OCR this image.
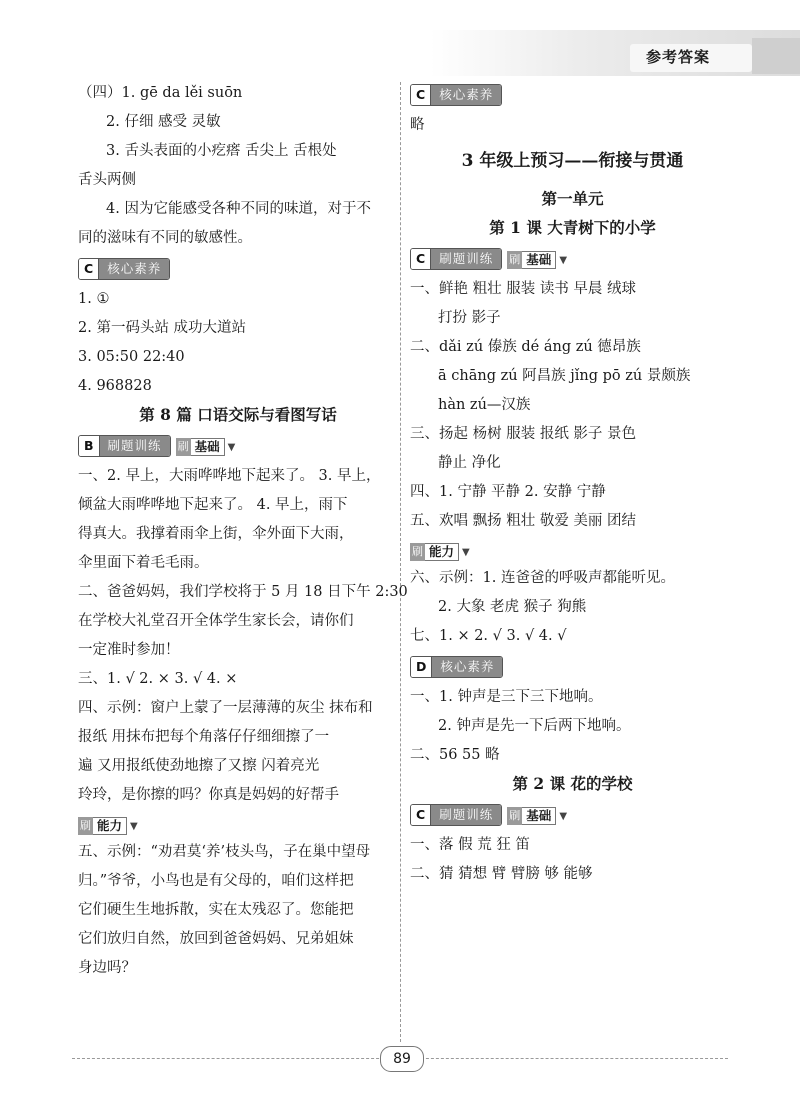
参考答案

（四）1. gē da lěi suōn

2. 仔细 感受 灵敏

3. 舌头表面的小疙瘩 舌尖上 舌根处

舌头两侧

4. 因为它能感受各种不同的味道，对于不

同的滋味有不同的敏感性。

C	核心素养

1. ①

2. 第一码头站 成功大道站

3. 05:50 22:40

4. 968828

第 8 篇 口语交际与看图写话

B	刷题训练
	刷 基础 ▼

一、2. 早上，大雨哗哗地下起来了。 3. 早上，

倾盆大雨哗哗地下起来了。 4. 早上，雨下

得真大。我撑着雨伞上街，伞外面下大雨，

伞里面下着毛毛雨。

二、爸爸妈妈，我们学校将于 5 月 18 日下午 2:30

在学校大礼堂召开全体学生家长会，请你们

一定准时参加！

三、1. √ 2. × 3. √ 4. ×

四、示例：窗户上蒙了一层薄薄的灰尘 抹布和

报纸 用抹布把每个角落仔仔细细擦了一

遍 又用报纸使劲地擦了又擦 闪着亮光

玲玲，是你擦的吗？你真是妈妈的好帮手

刷 能力 ▼

五、示例：“劝君莫‘养’枝头鸟，子在巢中望母

归。”爷爷，小鸟也是有父母的，咱们这样把

它们硬生生地拆散，实在太残忍了。您能把

它们放归自然，放回到爸爸妈妈、兄弟姐妹

身边吗？

C	核心素养

略

3 年级上预习——衔接与贯通

第一单元

第 1 课 大青树下的小学

C	刷题训练
	刷 基础 ▼

一、鲜艳 粗壮 服装 读书 早晨 绒球

打扮 影子

二、dǎi zú 傣族 dé áng zú 德昂族

ā chāng zú 阿昌族 jǐng pō zú 景颇族

hàn zú—汉族

三、扬起 杨树 服装 报纸 影子 景色

静止 净化

四、1. 宁静 平静 2. 安静 宁静

五、欢唱 飘扬 粗壮 敬爱 美丽 团结

刷 能力 ▼

六、示例：1. 连爸爸的呼吸声都能听见。

2. 大象 老虎 猴子 狗熊

七、1. × 2. √ 3. √ 4. √

D	核心素养

一、1. 钟声是三下三下地响。

2. 钟声是先一下后两下地响。

二、56 55 略

第 2 课 花的学校

C	刷题训练
	刷 基础 ▼

一、落 假 荒 狂 笛

二、猜 猜想 臂 臂膀 够 能够

89
